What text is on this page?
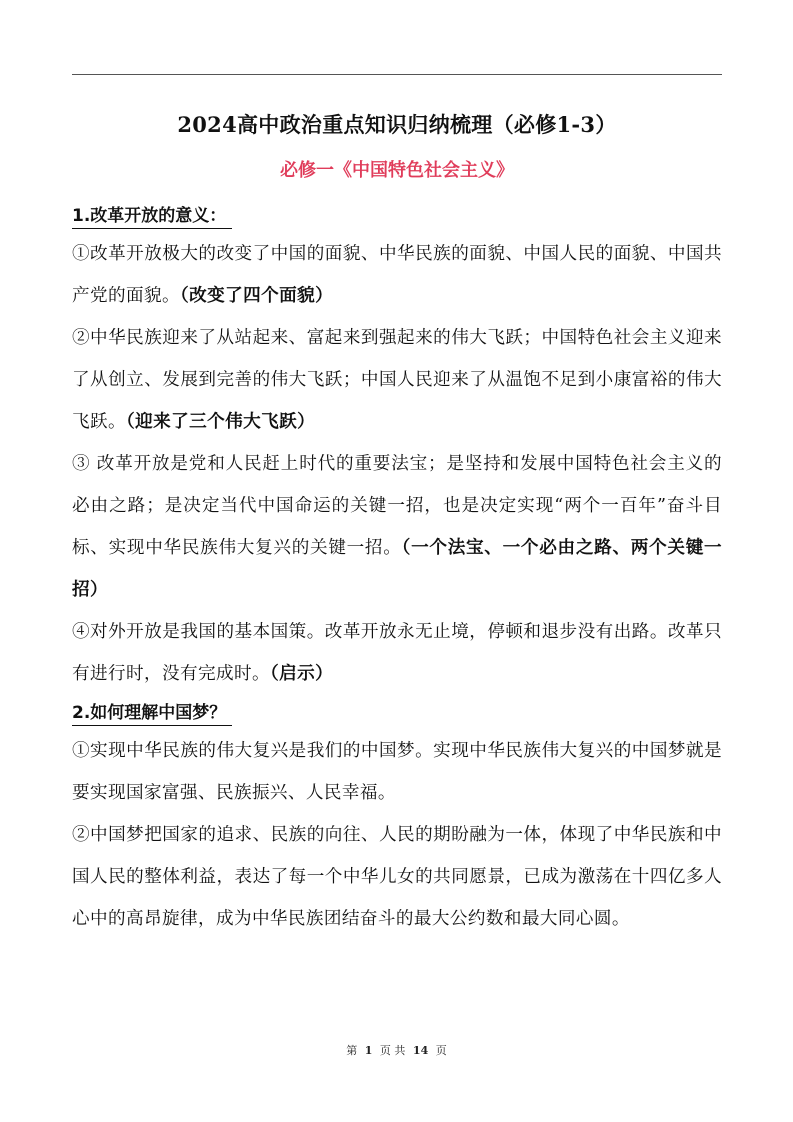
2024高中政治重点知识归纳梳理（必修1-3）
必修一《中国特色社会主义》
1.改革开放的意义：

①改革开放极大的改变了中国的面貌、中华民族的面貌、中国人民的面貌、中国共产党的面貌。（改变了四个面貌）

②中华民族迎来了从站起来、富起来到强起来的伟大飞跃；中国特色社会主义迎来了从创立、发展到完善的伟大飞跃；中国人民迎来了从温饱不足到小康富裕的伟大飞跃。（迎来了三个伟大飞跃）

③ 改革开放是党和人民赶上时代的重要法宝；是坚持和发展中国特色社会主义的必由之路；是决定当代中国命运的关键一招，也是决定实现“两个一百年”奋斗目标、实现中华民族伟大复兴的关键一招。（一个法宝、一个必由之路、两个关键一招）

④对外开放是我国的基本国策。改革开放永无止境，停顿和退步没有出路。改革只有进行时，没有完成时。（启示）

2.如何理解中国梦？

①实现中华民族的伟大复兴是我们的中国梦。实现中华民族伟大复兴的中国梦就是要实现国家富强、民族振兴、人民幸福。

②中国梦把国家的追求、民族的向往、人民的期盼融为一体，体现了中华民族和中国人民的整体利益，表达了每一个中华儿女的共同愿景，已成为激荡在十四亿多人心中的高昂旋律，成为中华民族团结奋斗的最大公约数和最大同心圆。

第 1 页 共 14 页
